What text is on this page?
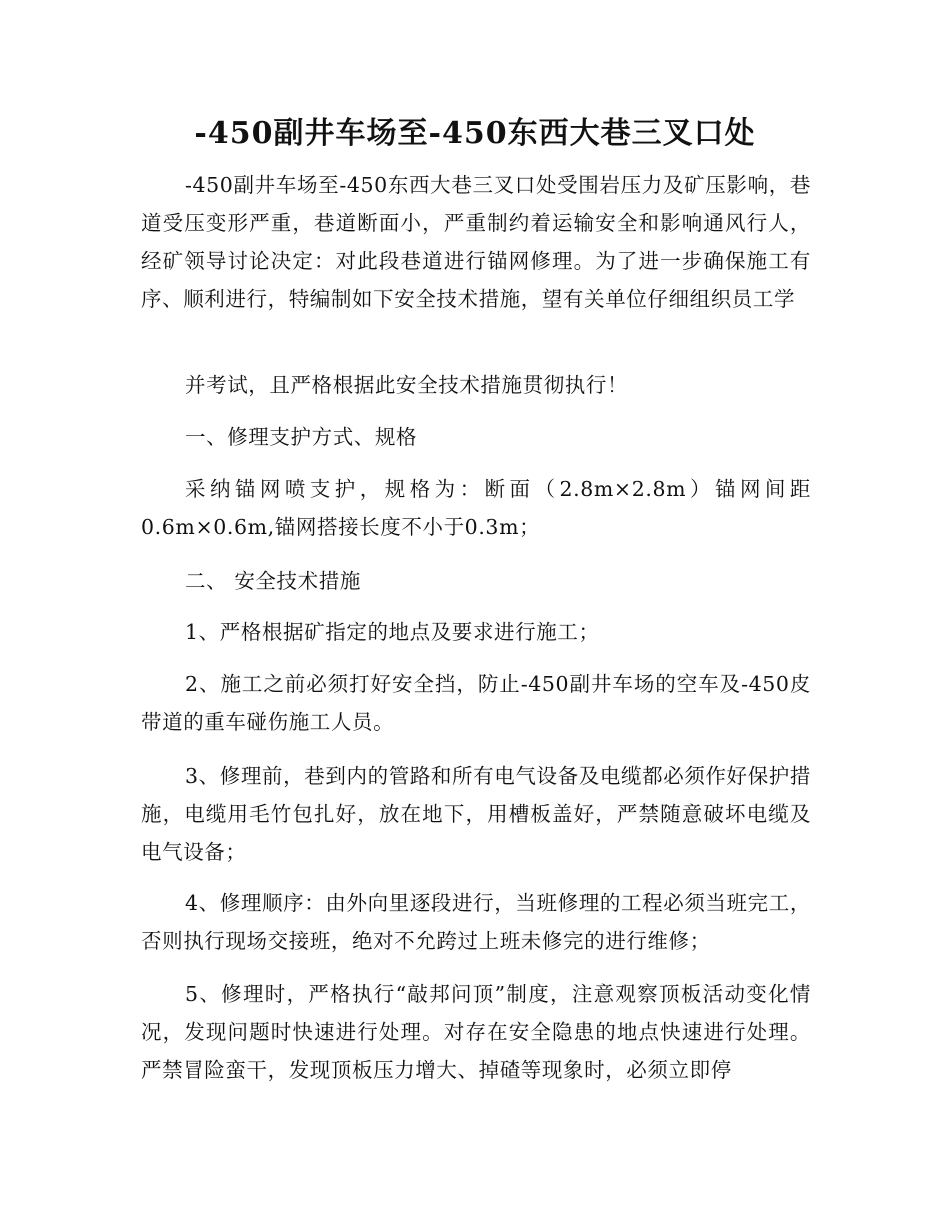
-450副井车场至-450东西大巷三叉口处

-450副井车场至-450东西大巷三叉口处受围岩压力及矿压影响，巷道受压变形严重，巷道断面小，严重制约着运输安全和影响通风行人，经矿领导讨论决定：对此段巷道进行锚网修理。为了进一步确保施工有序、顺利进行，特编制如下安全技术措施，望有关单位仔细组织员工学

并考试，且严格根据此安全技术措施贯彻执行！

一、修理支护方式、规格

采纳锚网喷支护，规格为：断面（2.8m×2.8m）锚网间距0.6m×0.6m,锚网搭接长度不小于0.3m；

二、 安全技术措施

1、严格根据矿指定的地点及要求进行施工；

2、施工之前必须打好安全挡，防止-450副井车场的空车及-450皮带道的重车碰伤施工人员。

3、修理前，巷到内的管路和所有电气设备及电缆都必须作好保护措施，电缆用毛竹包扎好，放在地下，用槽板盖好，严禁随意破坏电缆及电气设备；

4、修理顺序：由外向里逐段进行，当班修理的工程必须当班完工，否则执行现场交接班，绝对不允跨过上班未修完的进行维修；

5、修理时，严格执行“敲邦问顶”制度，注意观察顶板活动变化情况，发现问题时快速进行处理。对存在安全隐患的地点快速进行处理。严禁冒险蛮干，发现顶板压力增大、掉碴等现象时，必须立即停
